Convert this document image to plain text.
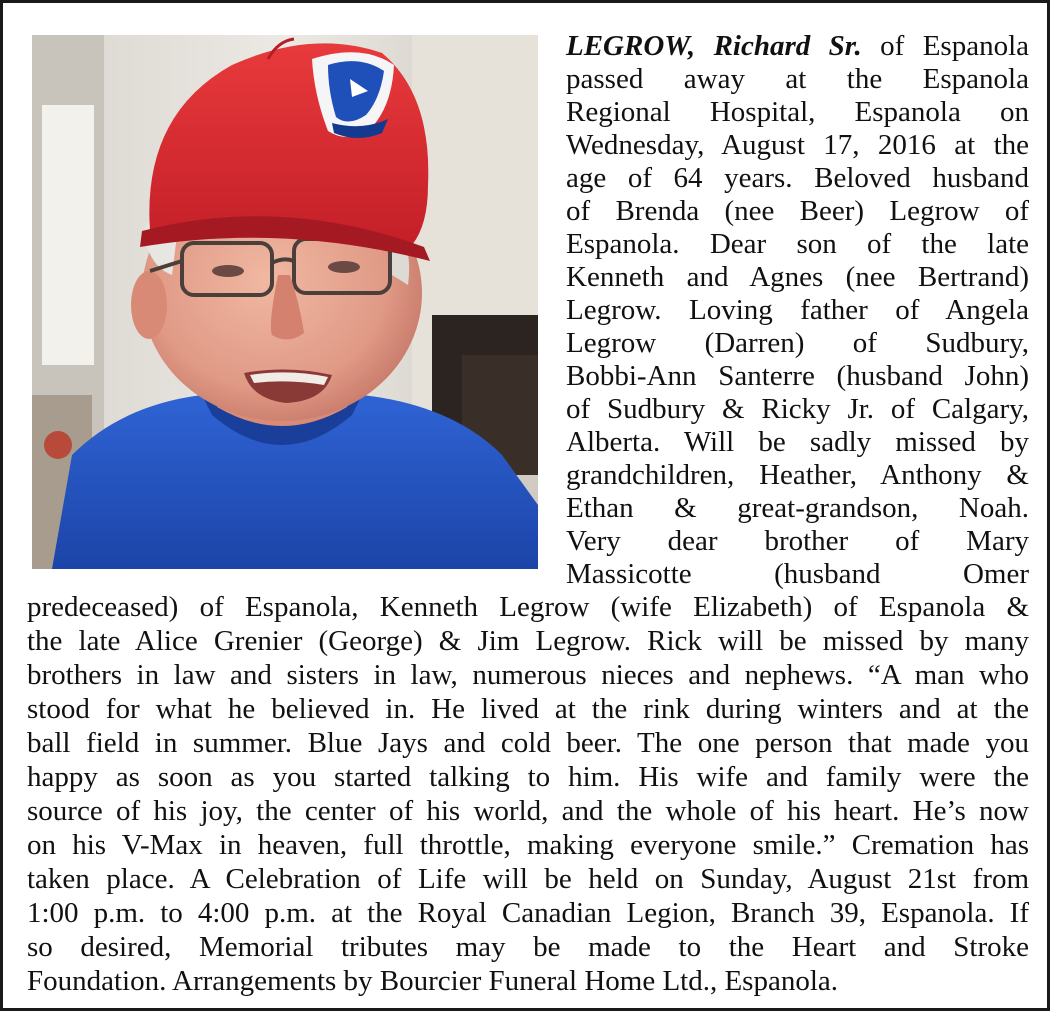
LEGROW, Richard Sr. of Espanola
passed away at the Espanola
Regional Hospital, Espanola on
Wednesday, August 17, 2016 at the
age of 64 years. Beloved husband
of Brenda (nee Beer) Legrow of
Espanola. Dear son of the late
Kenneth and Agnes (nee Bertrand)
Legrow. Loving father of Angela
Legrow (Darren) of Sudbury,
Bobbi-Ann Santerre (husband John)
of Sudbury & Ricky Jr. of Calgary,
Alberta. Will be sadly missed by
grandchildren, Heather, Anthony &
Ethan & great-grandson, Noah.
Very dear brother of Mary
Massicotte (husband Omer
predeceased) of Espanola, Kenneth Legrow (wife Elizabeth) of Espanola &
the late Alice Grenier (George) & Jim Legrow. Rick will be missed by many
brothers in law and sisters in law, numerous nieces and nephews. “A man who
stood for what he believed in. He lived at the rink during winters and at the
ball field in summer. Blue Jays and cold beer. The one person that made you
happy as soon as you started talking to him. His wife and family were the
source of his joy, the center of his world, and the whole of his heart. He’s now
on his V-Max in heaven, full throttle, making everyone smile.” Cremation has
taken place. A Celebration of Life will be held on Sunday, August 21st from
1:00 p.m. to 4:00 p.m. at the Royal Canadian Legion, Branch 39, Espanola. If
so desired, Memorial tributes may be made to the Heart and Stroke
Foundation. Arrangements by Bourcier Funeral Home Ltd., Espanola.
